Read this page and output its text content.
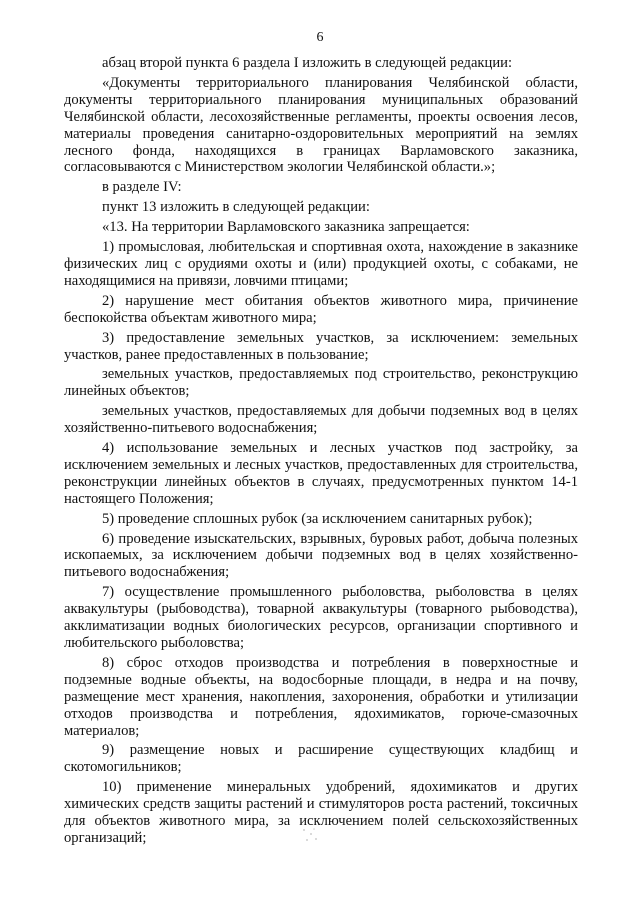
6

абзац второй пункта 6 раздела I изложить в следующей редакции:

«Документы территориального планирования Челябинской области, документы территориального планирования муниципальных образований Челябинской области, лесохозяйственные регламенты, проекты освоения лесов, материалы проведения санитарно-оздоровительных мероприятий на землях лесного фонда, находящихся в границах Варламовского заказника, согласовываются с Министерством экологии Челябинской области.»;

в разделе IV:

пункт 13 изложить в следующей редакции:

«13. На территории Варламовского заказника запрещается:

1) промысловая, любительская и спортивная охота, нахождение в заказнике физических лиц с орудиями охоты и (или) продукцией охоты, с собаками, не находящимися на привязи, ловчими птицами;

2) нарушение мест обитания объектов животного мира, причинение беспокойства объектам животного мира;

3) предоставление земельных участков, за исключением: земельных участков, ранее предоставленных в пользование;

земельных участков, предоставляемых под строительство, реконструкцию линейных объектов;

земельных участков, предоставляемых для добычи подземных вод в целях хозяйственно-питьевого водоснабжения;

4) использование земельных и лесных участков под застройку, за исключением земельных и лесных участков, предоставленных для строительства, реконструкции линейных объектов в случаях, предусмотренных пунктом 14-1 настоящего Положения;

5) проведение сплошных рубок (за исключением санитарных рубок);

6) проведение изыскательских, взрывных, буровых работ, добыча полезных ископаемых, за исключением добычи подземных вод в целях хозяйственно-питьевого водоснабжения;

7) осуществление промышленного рыболовства, рыболовства в целях аквакультуры (рыбоводства), товарной аквакультуры (товарного рыбоводства), акклиматизации водных биологических ресурсов, организации спортивного и любительского рыболовства;

8) сброс отходов производства и потребления в поверхностные и подземные водные объекты, на водосборные площади, в недра и на почву, размещение мест хранения, накопления, захоронения, обработки и утилизации отходов производства и потребления, ядохимикатов, горюче-смазочных материалов;

9) размещение новых и расширение существующих кладбищ и скотомогильников;

10) применение минеральных удобрений, ядохимикатов и других химических средств защиты растений и стимуляторов роста растений, токсичных для объектов животного мира, за исключением полей сельскохозяйственных организаций;
